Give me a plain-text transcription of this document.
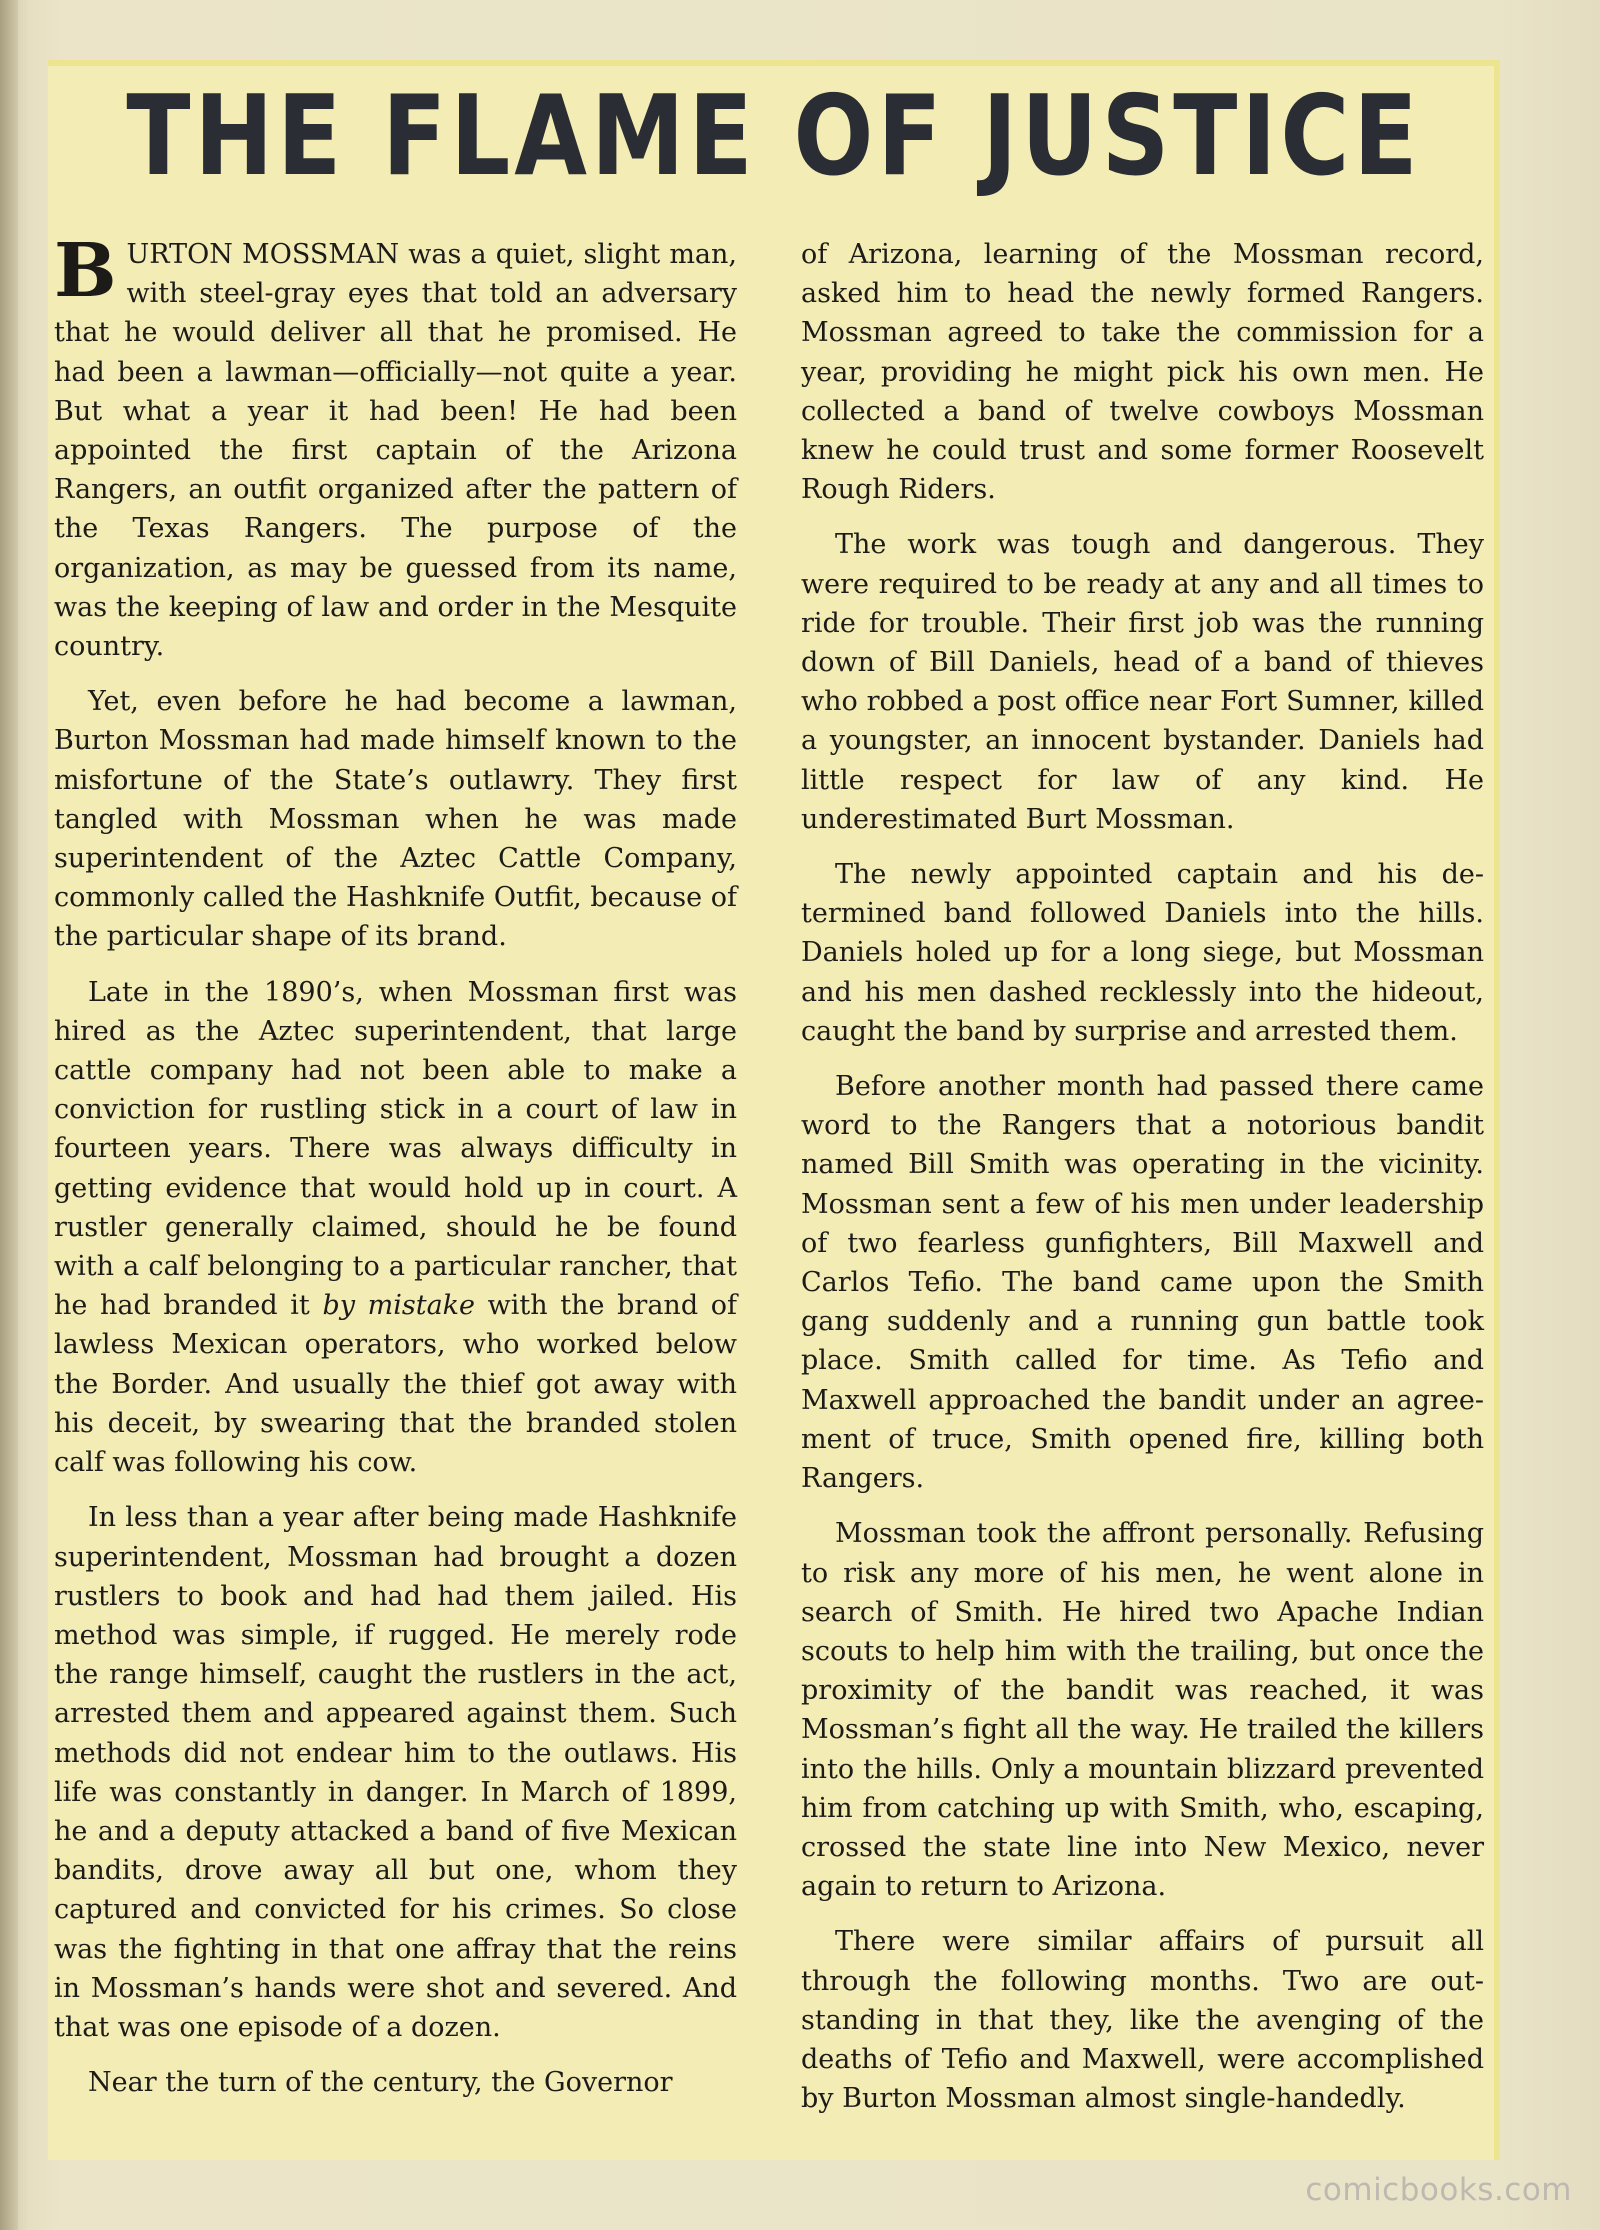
THE FLAME OF JUSTICE

BURTON MOSSMAN was a quiet, slight man, with steel-gray eyes that told an adversary that he would deliver all that he promised. He had been a lawman—officially—not quite a year. But what a year it had been! He had been appointed the first captain of the Arizona Rangers, an outfit organized after the pattern of the Texas Rangers. The purpose of the organization, as may be guessed from its name, was the keeping of law and order in the Mesquite country.

Yet, even before he had become a lawman, Burton Mossman had made himself known to the misfortune of the State’s outlawry. They first tangled with Mossman when he was made superintendent of the Aztec Cattle Company, commonly called the Hashknife Outfit, because of the particular shape of its brand.

Late in the 1890’s, when Mossman first was hired as the Aztec superintendent, that large cattle company had not been able to make a conviction for rustling stick in a court of law in fourteen years. There was always difficulty in getting evidence that would hold up in court. A rustler generally claimed, should he be found with a calf belonging to a particular rancher, that he had branded it by mistake with the brand of lawless Mexican operators, who worked below the Border. And usually the thief got away with his deceit, by swearing that the branded stolen calf was following his cow.

In less than a year after being made Hashknife superintendent, Mossman had brought a dozen rustlers to book and had had them jailed. His method was simple, if rugged. He merely rode the range himself, caught the rustlers in the act, arrested them and appeared against them. Such methods did not endear him to the outlaws. His life was constantly in danger. In March of 1899, he and a deputy attacked a band of five Mexican bandits, drove away all but one, whom they captured and convicted for his crimes. So close was the fighting in that one affray that the reins in Mossman’s hands were shot and severed. And that was one episode of a dozen.

Near the turn of the century, the Governor

of Arizona, learning of the Mossman record, asked him to head the newly formed Rangers. Mossman agreed to take the commission for a year, providing he might pick his own men. He collected a band of twelve cowboys Mossman knew he could trust and some former Roosevelt Rough Riders.

The work was tough and dangerous. They were required to be ready at any and all times to ride for trouble. Their first job was the running down of Bill Daniels, head of a band of thieves who robbed a post office near Fort Sumner, killed a youngster, an innocent bystander. Daniels had little respect for law of any kind. He underestimated Burt Mossman.

The newly appointed captain and his determined band followed Daniels into the hills. Daniels holed up for a long siege, but Mossman and his men dashed recklessly into the hideout, caught the band by surprise and arrested them.

Before another month had passed there came word to the Rangers that a notorious bandit named Bill Smith was operating in the vicinity. Mossman sent a few of his men under leadership of two fearless gunfighters, Bill Maxwell and Carlos Tefio. The band came upon the Smith gang suddenly and a running gun battle took place. Smith called for time. As Tefio and Maxwell approached the bandit under an agreement of truce, Smith opened fire, killing both Rangers.

Mossman took the affront personally. Refusing to risk any more of his men, he went alone in search of Smith. He hired two Apache Indian scouts to help him with the trailing, but once the proximity of the bandit was reached, it was Mossman’s fight all the way. He trailed the killers into the hills. Only a mountain blizzard prevented him from catching up with Smith, who, escaping, crossed the state line into New Mexico, never again to return to Arizona.

There were similar affairs of pursuit all through the following months. Two are outstanding in that they, like the avenging of the deaths of Tefio and Maxwell, were accomplished by Burton Mossman almost single-handedly.

comicbooks.com
